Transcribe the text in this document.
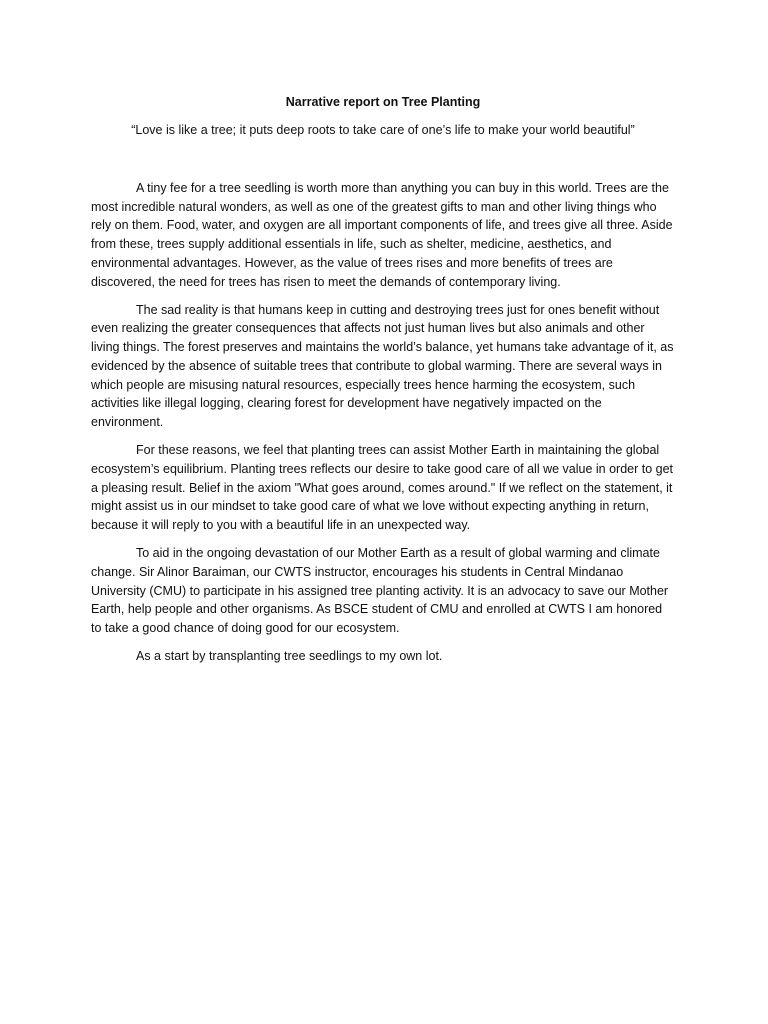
Narrative report on Tree Planting

“Love is like a tree; it puts deep roots to take care of one’s life to make your world beautiful”

A tiny fee for a tree seedling is worth more than anything you can buy in this world. Trees are the most incredible natural wonders, as well as one of the greatest gifts to man and other living things who rely on them. Food, water, and oxygen are all important components of life, and trees give all three. Aside from these, trees supply additional essentials in life, such as shelter, medicine, aesthetics, and environmental advantages. However, as the value of trees rises and more benefits of trees are discovered, the need for trees has risen to meet the demands of contemporary living.

The sad reality is that humans keep in cutting and destroying trees just for ones benefit without even realizing the greater consequences that affects not just human lives but also animals and other living things. The forest preserves and maintains the world’s balance, yet humans take advantage of it, as evidenced by the absence of suitable trees that contribute to global warming. There are several ways in which people are misusing natural resources, especially trees hence harming the ecosystem, such activities like illegal logging, clearing forest for development have negatively impacted on the environment.

For these reasons, we feel that planting trees can assist Mother Earth in maintaining the global ecosystem’s equilibrium. Planting trees reflects our desire to take good care of all we value in order to get a pleasing result. Belief in the axiom "What goes around, comes around." If we reflect on the statement, it might assist us in our mindset to take good care of what we love without expecting anything in return, because it will reply to you with a beautiful life in an unexpected way.

To aid in the ongoing devastation of our Mother Earth as a result of global warming and climate change. Sir Alinor Baraiman, our CWTS instructor, encourages his students in Central Mindanao University (CMU) to participate in his assigned tree planting activity. It is an advocacy to save our Mother Earth, help people and other organisms. As BSCE student of CMU and enrolled at CWTS I am honored to take a good chance of doing good for our ecosystem.

As a start by transplanting tree seedlings to my own lot.
